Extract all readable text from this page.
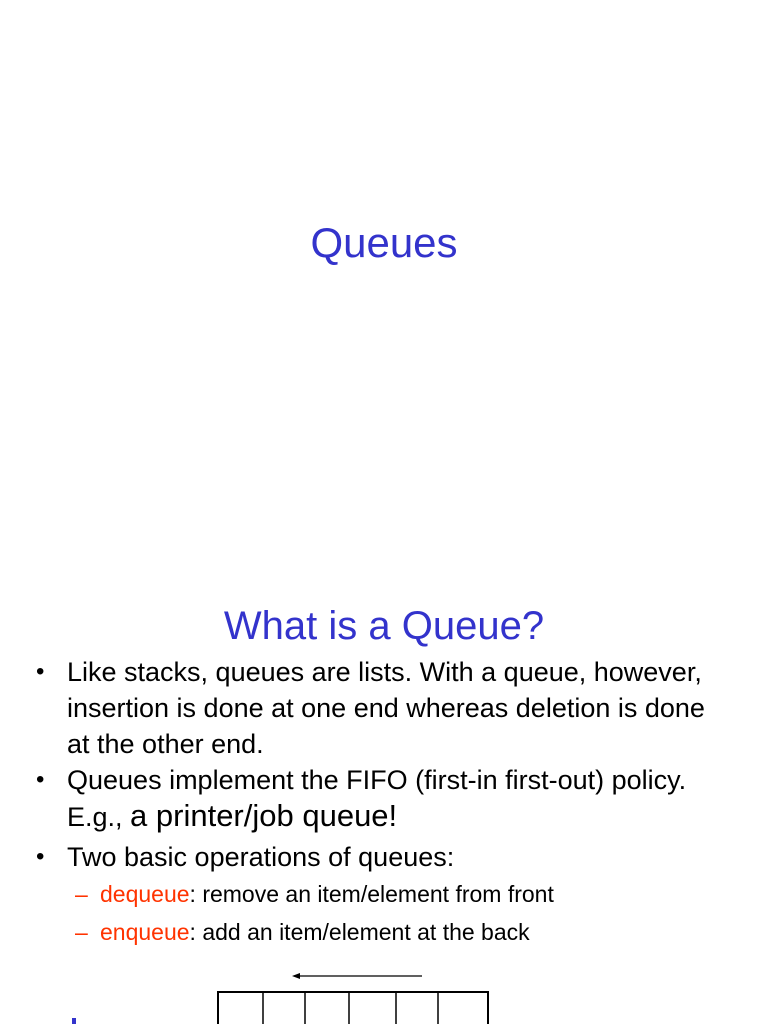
Queues
What is a Queue?
• Like stacks, queues are lists. With a queue, however, insertion is done at one end whereas deletion is done at the other end.
• Queues implement the FIFO (first-in first-out) policy. E.g., a printer/job queue!
• Two basic operations of queues:
– dequeue: remove an item/element from front
– enqueue: add an item/element at the back
